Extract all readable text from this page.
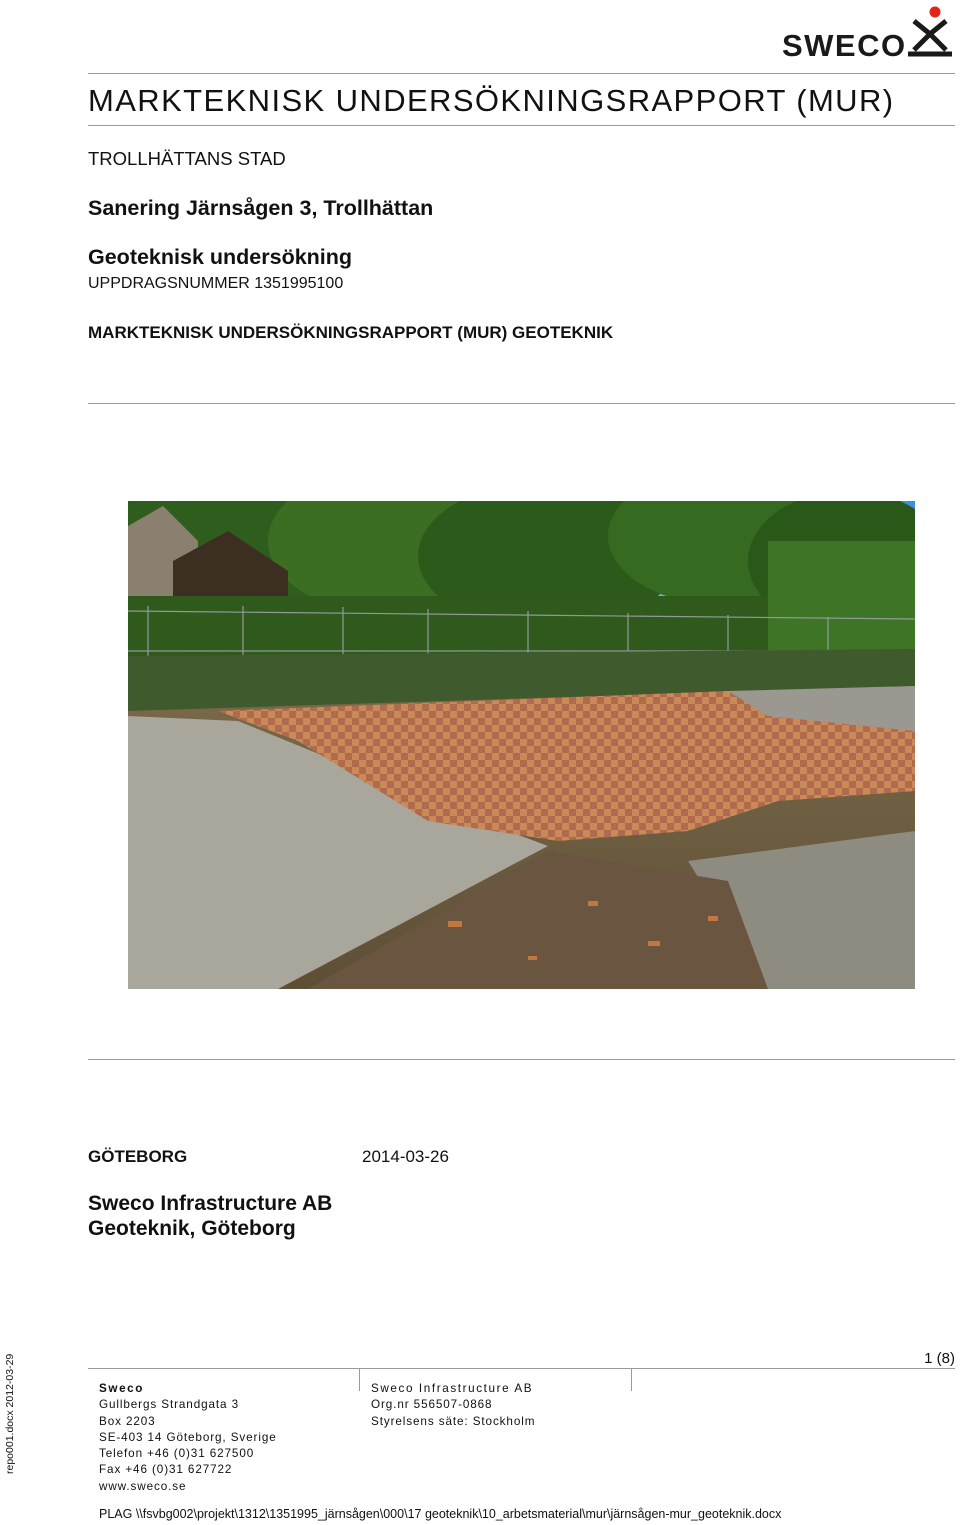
SWECO
MARKTEKNISK UNDERSÖKNINGSRAPPORT (MUR)
TROLLHÄTTANS STAD
Sanering Järnsågen 3, Trollhättan
Geoteknisk undersökning
UPPDRAGSNUMMER 1351995100
MARKTEKNISK UNDERSÖKNINGSRAPPORT (MUR) GEOTEKNIK
GÖTEBORG	2014-03-26
Sweco Infrastructure AB
Geoteknik, Göteborg
repo001.docx 2012-03-29	1 (8)
Sweco
Gullbergs Strandgata 3
Box 2203
SE-403 14 Göteborg, Sverige
Telefon +46 (0)31 627500
Fax +46 (0)31 627722
www.sweco.se
Sweco Infrastructure AB
Org.nr 556507-0868
Styrelsens säte: Stockholm
PLAG \\fsvbg002\projekt\1312\1351995_järnsågen\000\17 geoteknik\10_arbetsmaterial\mur\järnsågen-mur_geoteknik.docx
